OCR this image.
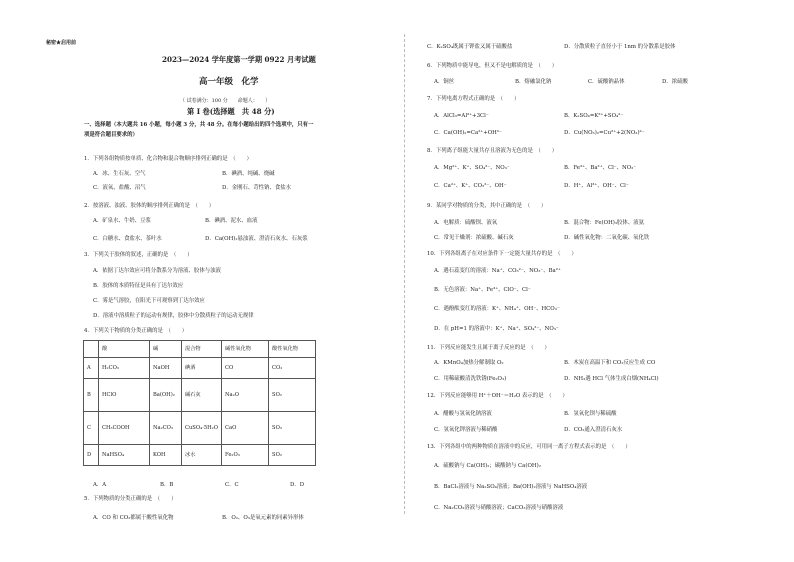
秘密★启用前
2023—2024 学年度第一学期 0922 月考试题
高一年级　化学
（ 试卷满分：100 分　　命题人：　　）
第 Ⅰ 卷(选择题　共 48 分)
一、选择题（本大题共 16 小题，每小题 3 分，共 48 分。在每小题给出的四个选项中，只有一
项是符合题目要求的）
1．下列各组物质按单质、化合物和混合物顺序排列正确的是　（　　）
A．冰、生石灰、空气	B．碘酒、纯碱、烧碱
C．液氧、盐酸、沼气	D．金刚石、苛性钠、食盐水
2．按溶液、浊液、胶体的顺序排列正确的是　（　　）
A．矿泉水、牛奶、豆浆	B．碘酒、泥水、血液
C．白糖水、食盐水、茶叶水	D．Ca(OH)₂悬浊液、澄清石灰水、石灰浆
3．下列关于胶体的叙述，正确的是　（　　）
A．依据丁达尔效应可将分散系分为溶液、胶体与浊液
B．胶体的本质特征是具有丁达尔效应
C．雾是气溶胶，在阳光下可观察到丁达尔效应
D．溶液中溶质粒子的运动有规律，胶体中分散质粒子的运动无规律
4．下列关于物质的分类正确的是　（　　）
	酸	碱	混合物	碱性氧化物	酸性氧化物
A	H₂CO₃	NaOH	碘酒	CO	CO₂
B	HClO	Ba(OH)₂	碱石灰	Na₂O	SO₂
C	CH₃COOH	Na₂CO₃	CuSO₄·5H₂O	CaO	SO₃
D	NaHSO₄	KOH	冰水	Fe₂O₃	SO₂
A．A	B．B	C．C	D．D
5．下列物质的分类正确的是　（　　）
A．CO 和 CO₂都属于酸性氧化物	B．O₂、O₃是氧元素的同素异形体
C．K₂SO₄既属于钾盐又属于硫酸盐	D．分散质粒子直径小于 1nm 的分散系是胶体
6．下列物质中能导电，但又不是电解质的是　（　　）
A．铜丝	B．熔融氯化钠	C．硫酸钠晶体	D．浓硫酸
7．下列电离方程式正确的是　（　　）
A．AlCl₃=Al³⁺+3Cl⁻	B．K₂SO₄=K²⁺+SO₄²⁻
C．Ca(OH)₂=Ca²⁺+OH²⁻	D．Cu(NO₃)₂=Cu²⁺+2(NO₃)²⁻
8．下列离子组能大量共存且溶液为无色的是　（　　）
A．Mg²⁺、K⁺、SO₄²⁻、NO₃⁻	B．Fe³⁺、Ba²⁺、Cl⁻、NO₃⁻
C．Ca²⁺、K⁺、CO₃²⁻、OH⁻	D．H⁺、Al³⁺、OH⁻、Cl⁻
9．某同学对物质的分类，其中正确的是　（　　）
A．电解质：硫酸钡、液氧	B．混合物：Fe(OH)₃胶体、液氨
C．常见干燥剂：浓硫酸、碱石灰	D．碱性氧化物：二氧化碳、氧化铁
10．下列各组离子在对应条件下一定能大量共存的是　（　　）
A．遇石蕊变红的溶液：Na⁺、CO₃²⁻、NO₃⁻、Ba²⁺
B．无色溶液：Na⁺、Fe³⁺、ClO⁻、Cl⁻
C．遇酚酞变红的溶液：K⁺、NH₄⁺、OH⁻、HCO₃⁻
D．在 pH=1 的溶液中：K⁺、Na⁺、SO₄²⁻、NO₃⁻
11．下列反应能发生且属于离子反应的是　（　　）
A．KMnO₄加热分解制取 O₂	B．木炭在高温下和 CO₂反应生成 CO
C．用稀硫酸清洗铁锈(Fe₂O₃)	D．NH₃遇 HCl 气体生成白烟(NH₄Cl)
12．下列反应能够用 H⁺＋OH⁻＝H₂O 表示的是　（　　）
A．醋酸与氢氧化钠溶液	B．氢氧化钡与稀硫酸
C．氢氧化钾溶液与稀硝酸	D．CO₂通入澄清石灰水
13．下列各组中的两种物质在溶液中的反应，可用同一离子方程式表示的是　（　　）
A．硫酸钠与 Ca(OH)₂；碳酸钠与 Ca(OH)₂
B．BaCl₂溶液与 Na₂SO₄溶液；Ba(OH)₂溶液与 NaHSO₄溶液
C．Na₂CO₃溶液与硝酸溶液；CaCO₃溶液与硝酸溶液
